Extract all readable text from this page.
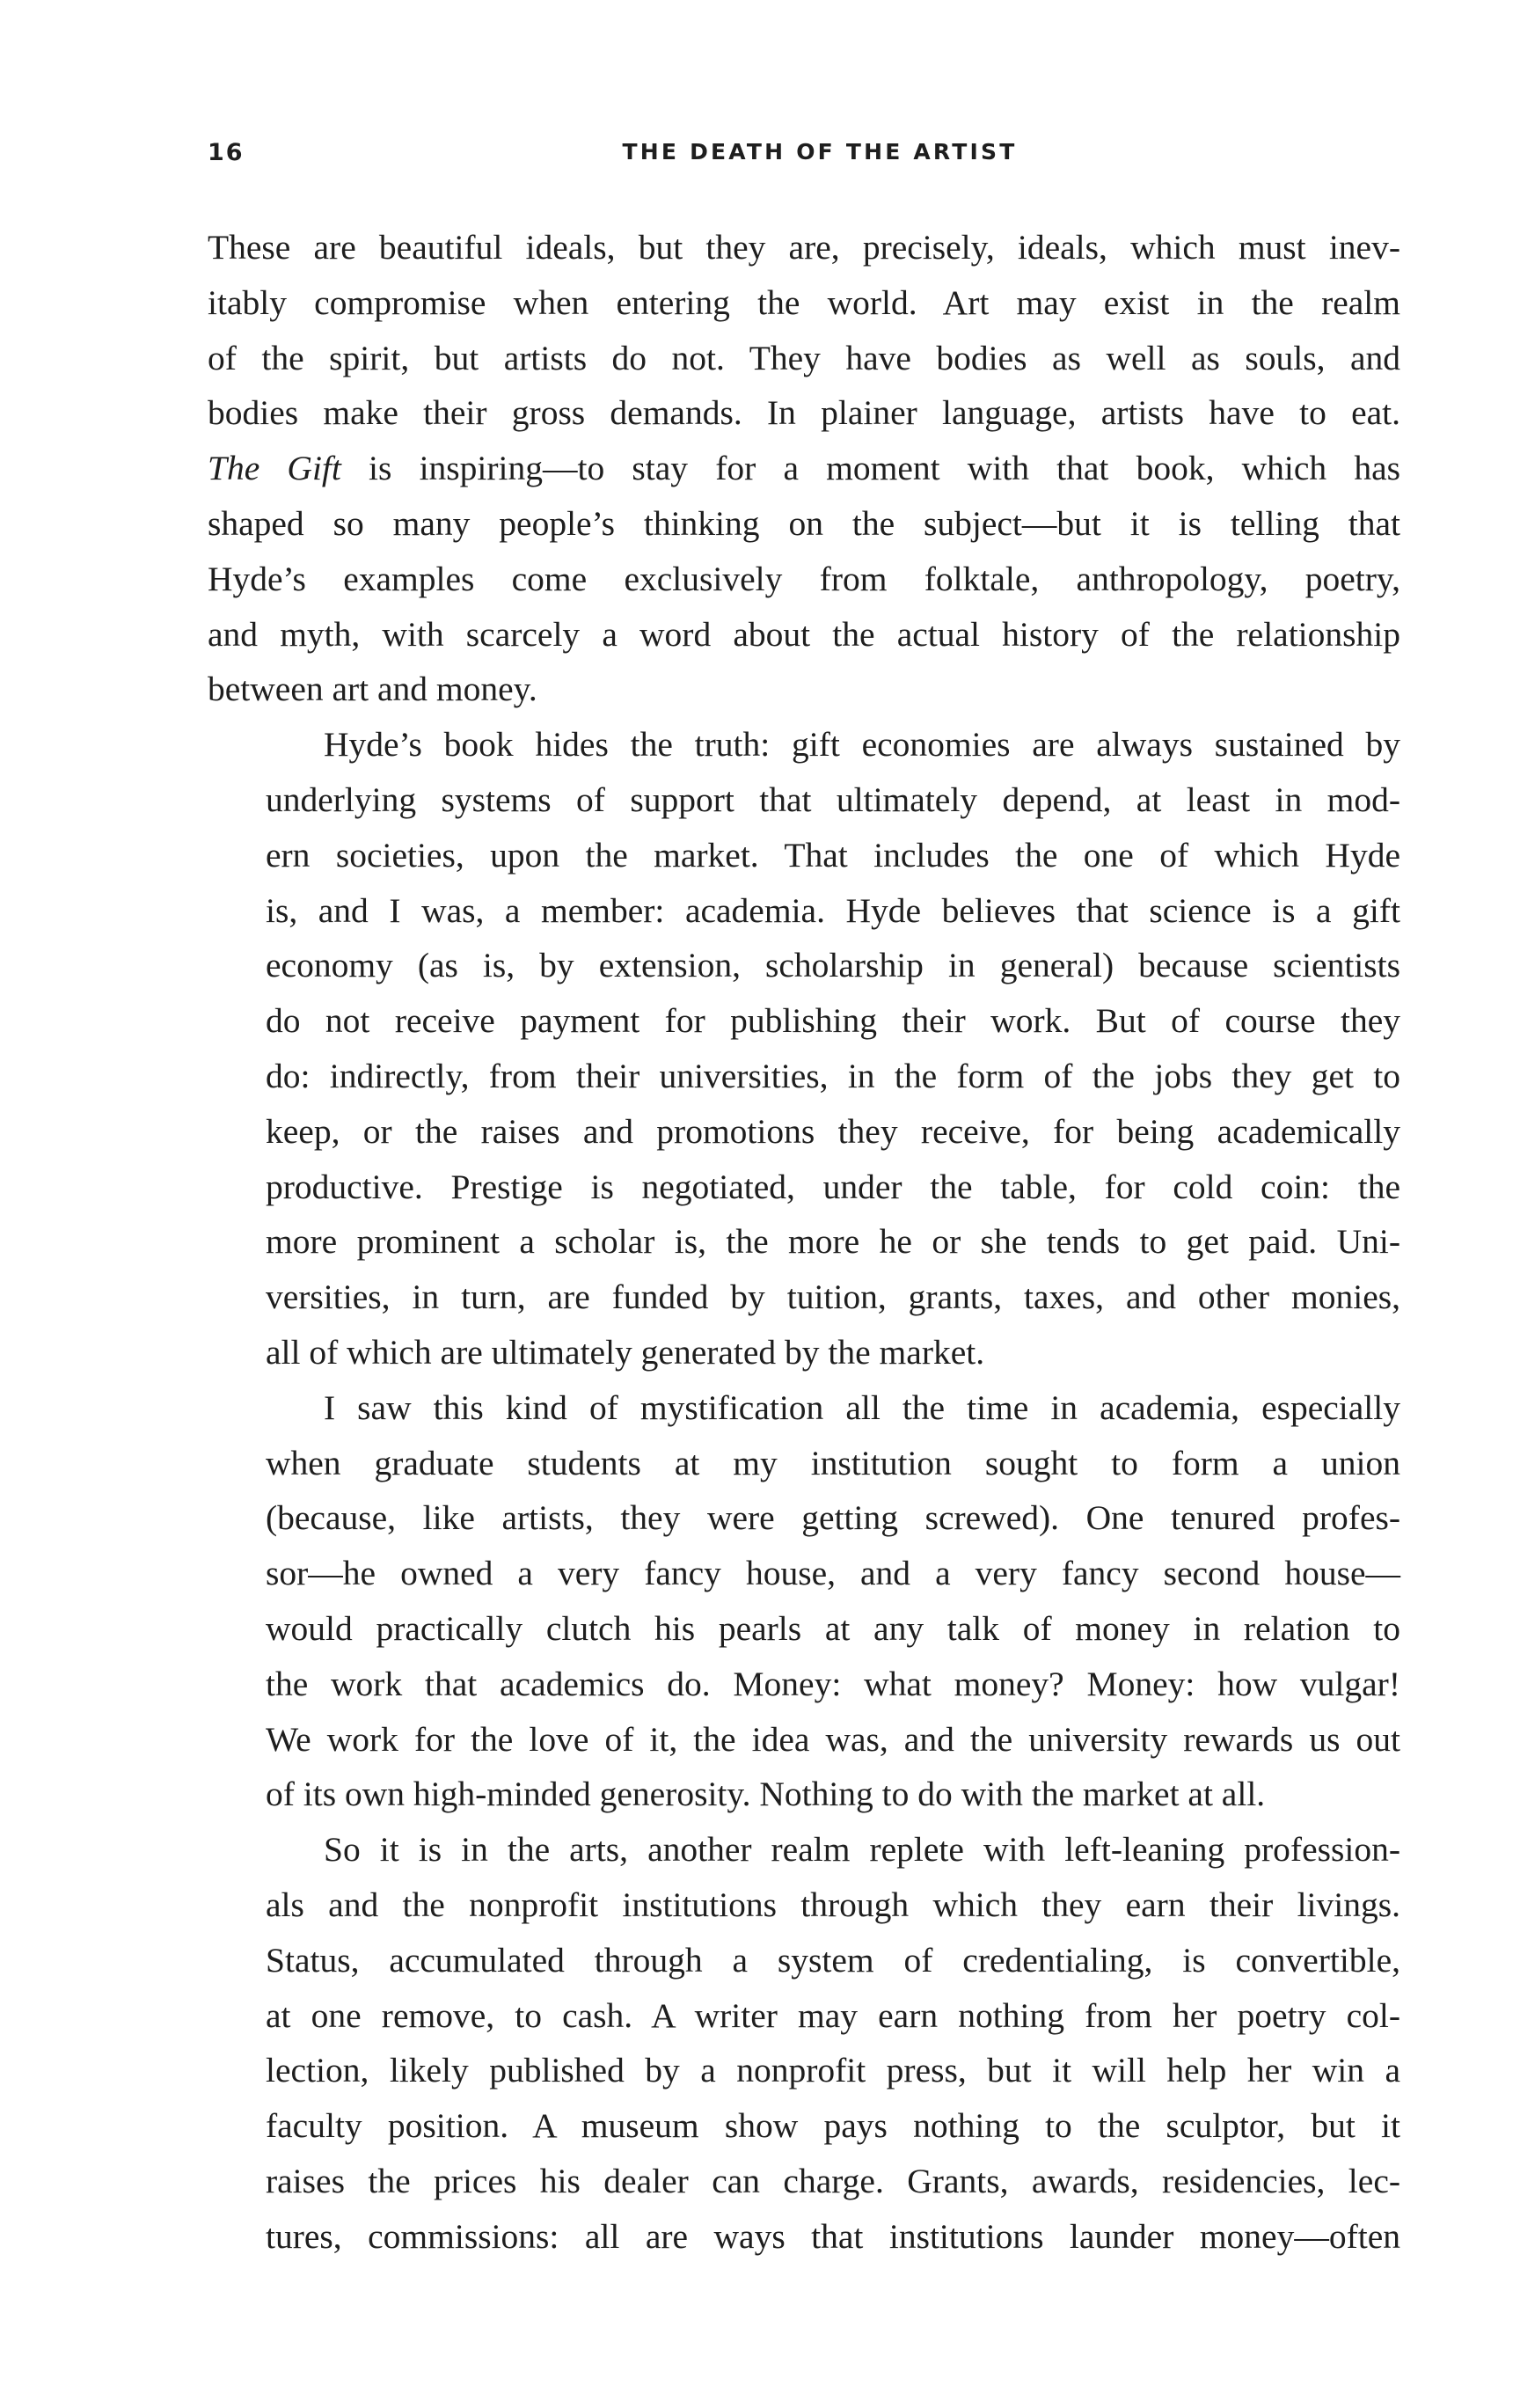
16	THE DEATH OF THE ARTIST
These are beautiful ideals, but they are, precisely, ideals, which must inev-
itably compromise when entering the world. Art may exist in the realm
of the spirit, but artists do not. They have bodies as well as souls, and
bodies make their gross demands. In plainer language, artists have to eat.
The Gift is inspiring—to stay for a moment with that book, which has
shaped so many people’s thinking on the subject—but it is telling that
Hyde’s examples come exclusively from folktale, anthropology, poetry,
and myth, with scarcely a word about the actual history of the relationship
between art and money.
Hyde’s book hides the truth: gift economies are always sustained by
underlying systems of support that ultimately depend, at least in mod-
ern societies, upon the market. That includes the one of which Hyde
is, and I was, a member: academia. Hyde believes that science is a gift
economy (as is, by extension, scholarship in general) because scientists
do not receive payment for publishing their work. But of course they
do: indirectly, from their universities, in the form of the jobs they get to
keep, or the raises and promotions they receive, for being academically
productive. Prestige is negotiated, under the table, for cold coin: the
more prominent a scholar is, the more he or she tends to get paid. Uni-
versities, in turn, are funded by tuition, grants, taxes, and other monies,
all of which are ultimately generated by the market.
I saw this kind of mystification all the time in academia, especially
when graduate students at my institution sought to form a union
(because, like artists, they were getting screwed). One tenured profes-
sor—he owned a very fancy house, and a very fancy second house—
would practically clutch his pearls at any talk of money in relation to
the work that academics do. Money: what money? Money: how vulgar!
We work for the love of it, the idea was, and the university rewards us out
of its own high-minded generosity. Nothing to do with the market at all.
So it is in the arts, another realm replete with left-leaning profession-
als and the nonprofit institutions through which they earn their livings.
Status, accumulated through a system of credentialing, is convertible,
at one remove, to cash. A writer may earn nothing from her poetry col-
lection, likely published by a nonprofit press, but it will help her win a
faculty position. A museum show pays nothing to the sculptor, but it
raises the prices his dealer can charge. Grants, awards, residencies, lec-
tures, commissions: all are ways that institutions launder money—often
